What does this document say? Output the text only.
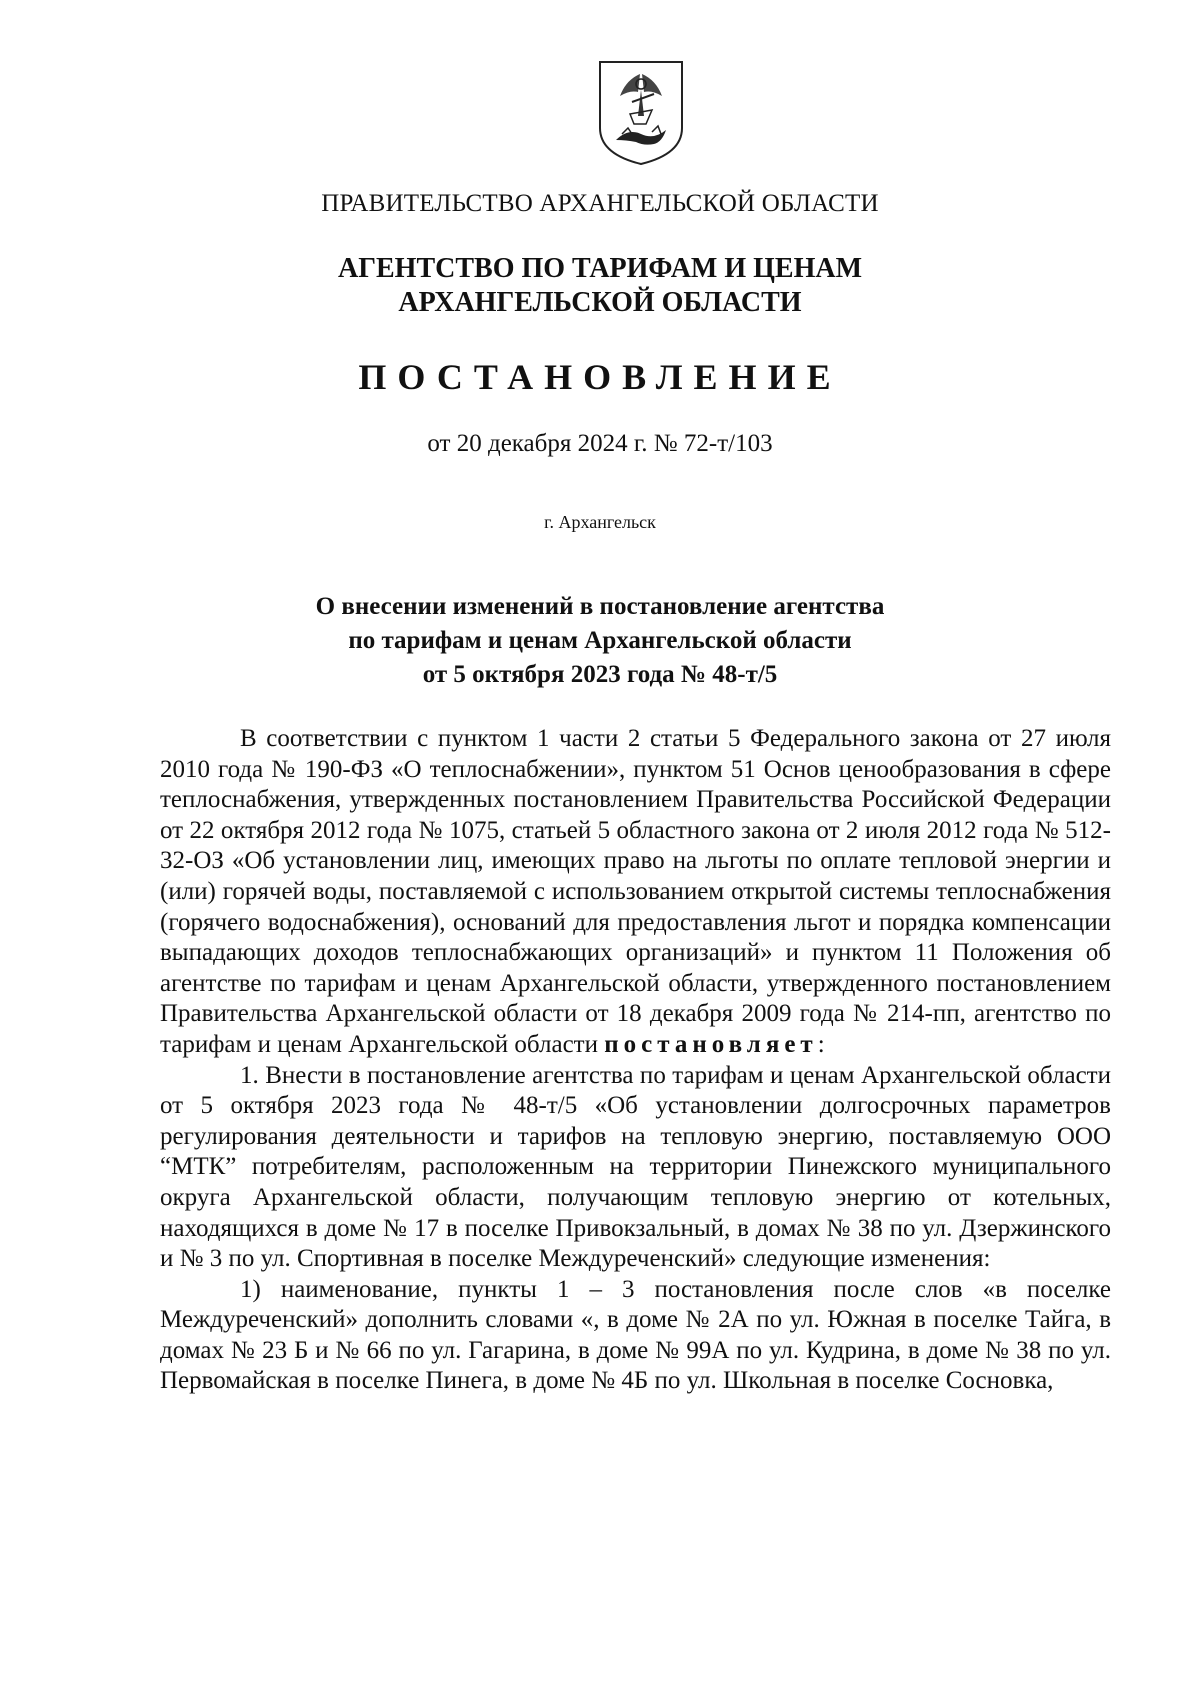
ПРАВИТЕЛЬСТВО АРХАНГЕЛЬСКОЙ ОБЛАСТИ
АГЕНТСТВО ПО ТАРИФАМ И ЦЕНАМ
АРХАНГЕЛЬСКОЙ ОБЛАСТИ
ПОСТАНОВЛЕНИЕ
от 20 декабря 2024 г. № 72-т/103
г. Архангельск
О внесении изменений в постановление агентства
по тарифам и ценам Архангельской области
от 5 октября 2023 года № 48-т/5

В соответствии с пунктом 1 части 2 статьи 5 Федерального закона от 27 июля 2010 года № 190-ФЗ «О теплоснабжении», пунктом 51 Основ ценообразования в сфере теплоснабжения, утвержденных постановлением Правительства Российской Федерации от 22 октября 2012 года № 1075, статьей 5 областного закона от 2 июля 2012 года № 512-32-ОЗ «Об установлении лиц, имеющих право на льготы по оплате тепловой энергии и (или) горячей воды, поставляемой с использованием открытой системы теплоснабжения (горячего водоснабжения), оснований для предоставления льгот и порядка компенсации выпадающих доходов теплоснабжающих организаций» и пунктом 11 Положения об агентстве по тарифам и ценам Архангельской области, утвержденного постановлением Правительства Архангельской области от 18 декабря 2009 года № 214-пп, агентство по тарифам и ценам Архангельской области постановляет:

1. Внести в постановление агентства по тарифам и ценам Архангельской области от 5 октября 2023 года № 48-т/5 «Об установлении долгосрочных параметров регулирования деятельности и тарифов на тепловую энергию, поставляемую ООО “МТК” потребителям, расположенным на территории Пинежского муниципального округа Архангельской области, получающим тепловую энергию от котельных, находящихся в доме № 17 в поселке Привокзальный, в домах № 38 по ул. Дзержинского и № 3 по ул. Спортивная в поселке Междуреченский» следующие изменения:

1) наименование, пункты 1 – 3 постановления после слов «в поселке Междуреченский» дополнить словами «, в доме № 2А по ул. Южная в поселке Тайга, в домах № 23 Б и № 66 по ул. Гагарина, в доме № 99А по ул. Кудрина, в доме № 38 по ул. Первомайская в поселке Пинега, в доме № 4Б по ул. Школьная в поселке Сосновка,
